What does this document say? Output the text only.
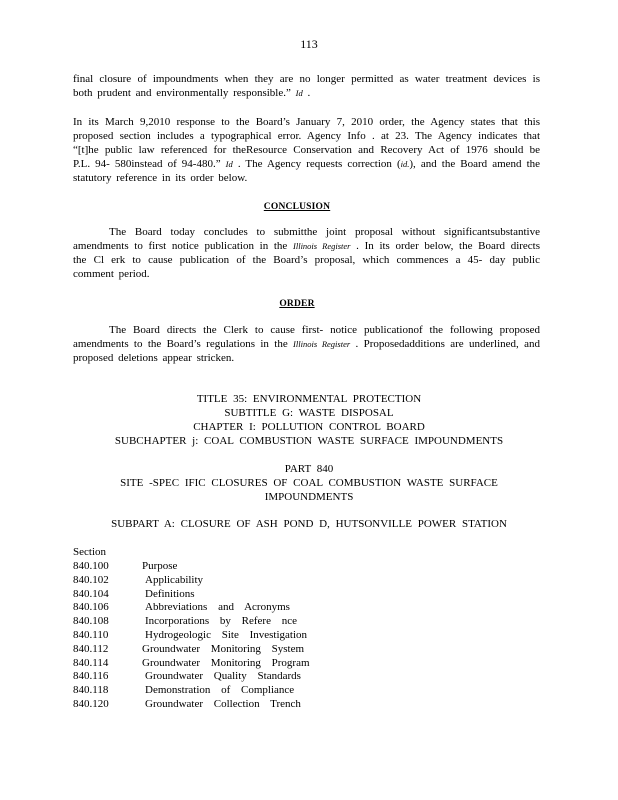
113
final closure of impoundments when they are no longer permitted as water treatment devices is both prudent and environmentally responsible.” Id .
In its March 9,2010 response to the Board’s January 7, 2010 order, the Agency states that this proposed section includes a typographical error. Agency Info . at 23. The Agency indicates that “[t]he public law referenced for theResource Conservation and Recovery Act of 1976 should be P.L. 94- 580instead of 94-480.” Id . The Agency requests correction (id.), and the Board amend the statutory reference in its order below.
CONCLUSION
The Board today concludes to submitthe joint proposal without significantsubstantive amendments to first notice publication in the Illinois Register . In its order below, the Board directs the Cl erk to cause publication of the Board’s proposal, which commences a 45- day public comment period.
ORDER
The Board directs the Clerk to cause first- notice publicationof the following proposed amendments to the Board’s regulations in the Illinois Register . Proposedadditions are underlined, and proposed deletions appear stricken.
TITLE 35: ENVIRONMENTAL PROTECTION
SUBTITLE G: WASTE DISPOSAL
CHAPTER I: POLLUTION CONTROL BOARD
SUBCHAPTER j: COAL COMBUSTION WASTE SURFACE IMPOUNDMENTS
PART 840
SITE -SPEC IFIC CLOSURES OF COAL COMBUSTION WASTE SURFACE
IMPOUNDMENTS
SUBPART A: CLOSURE OF ASH POND D, HUTSONVILLE POWER STATION
Section
840.100	Purpose
840.102	Applicability
840.104	Definitions
840.106	Abbreviations and Acronyms
840.108	Incorporations by Refere nce
840.110	Hydrogeologic Site Investigation
840.112	Groundwater Monitoring System
840.114	Groundwater Monitoring Program
840.116	Groundwater Quality Standards
840.118	Demonstration of Compliance
840.120	Groundwater Collection Trench
